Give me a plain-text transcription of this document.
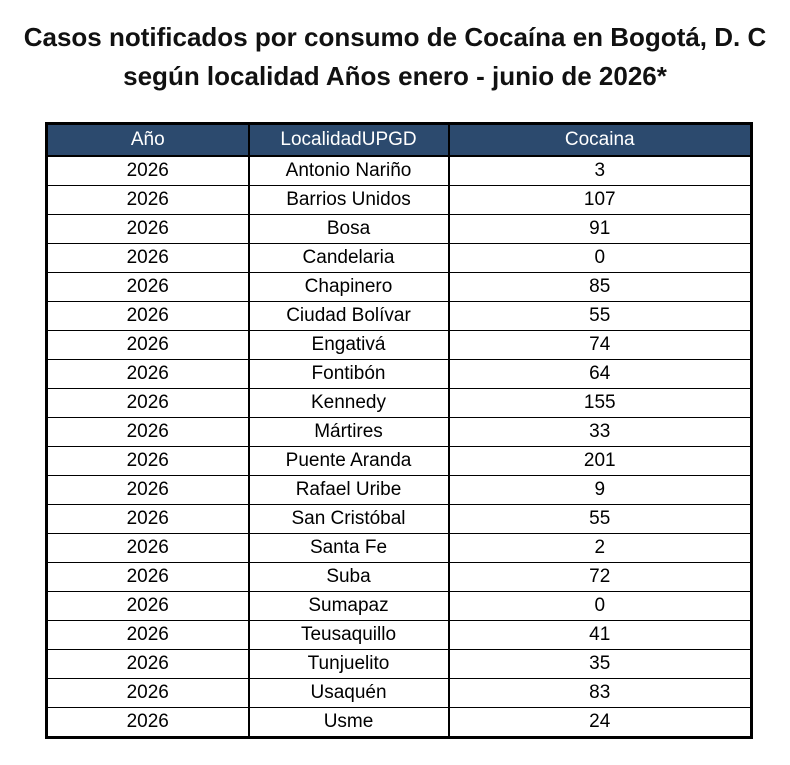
Casos notificados por consumo de Cocaína en Bogotá, D. C
según localidad Años enero - junio de 2026*
Año	LocalidadUPGD	Cocaina
2026	Antonio Nariño	3
2026	Barrios Unidos	107
2026	Bosa	91
2026	Candelaria	0
2026	Chapinero	85
2026	Ciudad Bolívar	55
2026	Engativá	74
2026	Fontibón	64
2026	Kennedy	155
2026	Mártires	33
2026	Puente Aranda	201
2026	Rafael Uribe	9
2026	San Cristóbal	55
2026	Santa Fe	2
2026	Suba	72
2026	Sumapaz	0
2026	Teusaquillo	41
2026	Tunjuelito	35
2026	Usaquén	83
2026	Usme	24
